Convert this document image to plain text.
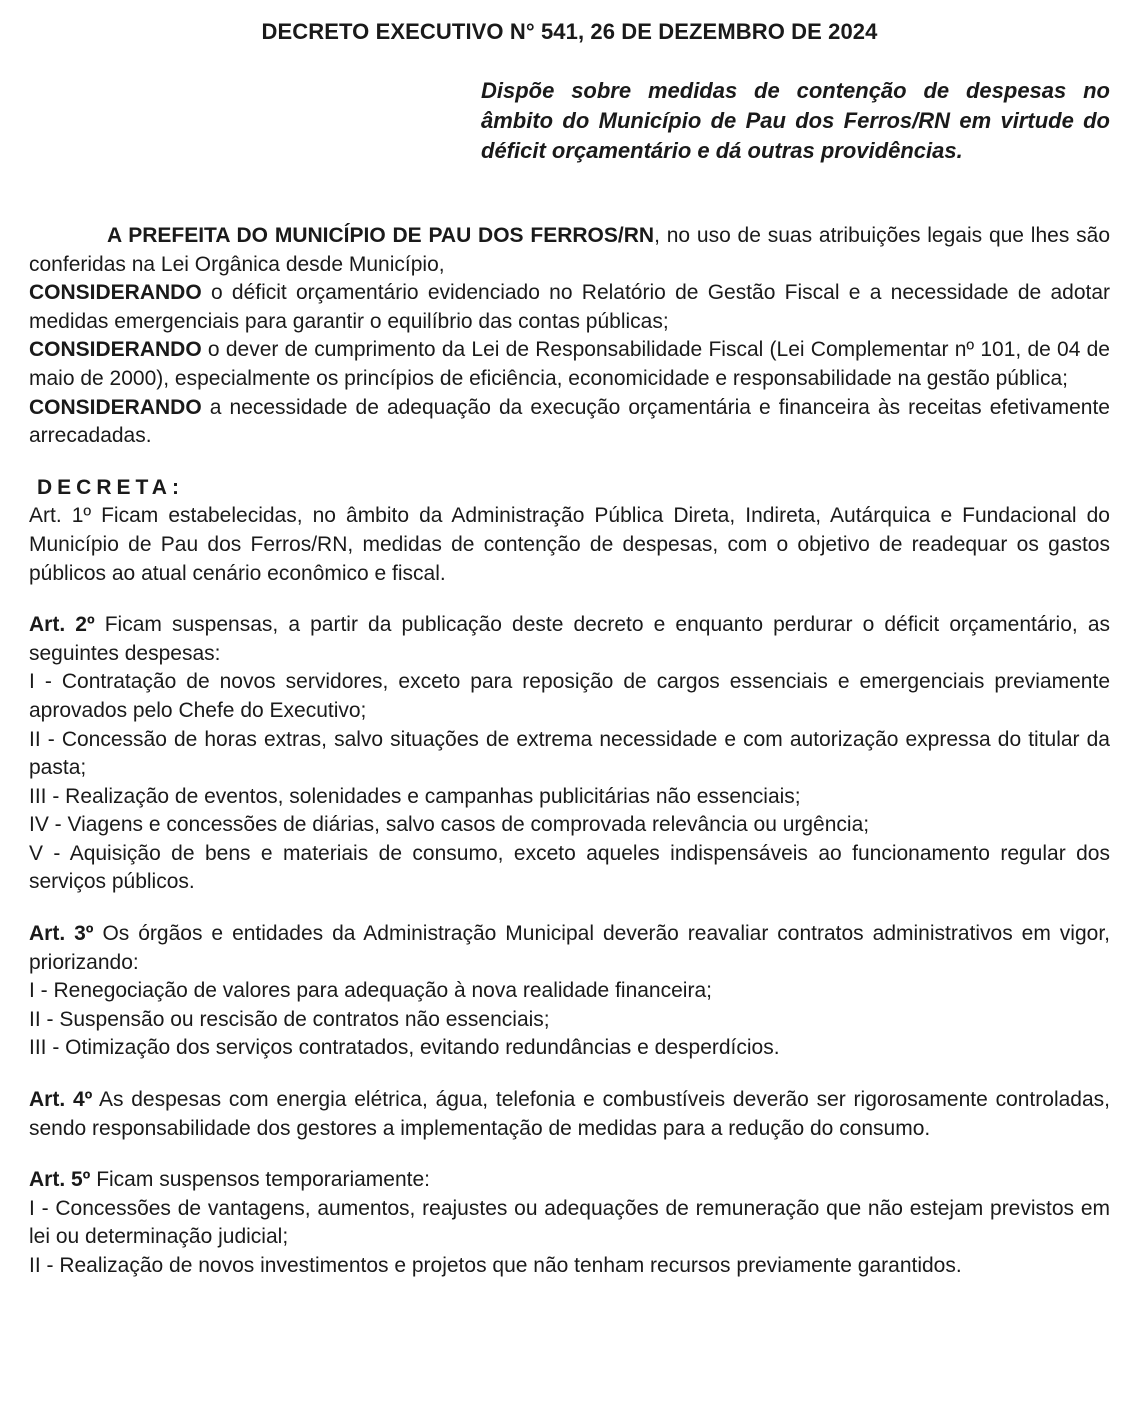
DECRETO EXECUTIVO N° 541, 26 DE DEZEMBRO DE 2024
Dispõe sobre medidas de contenção de despesas no âmbito do Município de Pau dos Ferros/RN em virtude do déficit orçamentário e dá outras providências.

A PREFEITA DO MUNICÍPIO DE PAU DOS FERROS/RN, no uso de suas atribuições legais que lhes são conferidas na Lei Orgânica desde Município,

CONSIDERANDO o déficit orçamentário evidenciado no Relatório de Gestão Fiscal e a necessidade de adotar medidas emergenciais para garantir o equilíbrio das contas públicas;

CONSIDERANDO o dever de cumprimento da Lei de Responsabilidade Fiscal (Lei Complementar nº 101, de 04 de maio de 2000), especialmente os princípios de eficiência, economicidade e responsabilidade na gestão pública;

CONSIDERANDO a necessidade de adequação da execução orçamentária e financeira às receitas efetivamente arrecadadas.

DECRETA:

Art. 1º Ficam estabelecidas, no âmbito da Administração Pública Direta, Indireta, Autárquica e Fundacional do Município de Pau dos Ferros/RN, medidas de contenção de despesas, com o objetivo de readequar os gastos públicos ao atual cenário econômico e fiscal.

Art. 2º Ficam suspensas, a partir da publicação deste decreto e enquanto perdurar o déficit orçamentário, as seguintes despesas:

I - Contratação de novos servidores, exceto para reposição de cargos essenciais e emergenciais previamente aprovados pelo Chefe do Executivo;

II - Concessão de horas extras, salvo situações de extrema necessidade e com autorização expressa do titular da pasta;

III - Realização de eventos, solenidades e campanhas publicitárias não essenciais;

IV - Viagens e concessões de diárias, salvo casos de comprovada relevância ou urgência;

V - Aquisição de bens e materiais de consumo, exceto aqueles indispensáveis ao funcionamento regular dos serviços públicos.

Art. 3º Os órgãos e entidades da Administração Municipal deverão reavaliar contratos administrativos em vigor, priorizando:

I - Renegociação de valores para adequação à nova realidade financeira;

II - Suspensão ou rescisão de contratos não essenciais;

III - Otimização dos serviços contratados, evitando redundâncias e desperdícios.

Art. 4º As despesas com energia elétrica, água, telefonia e combustíveis deverão ser rigorosamente controladas, sendo responsabilidade dos gestores a implementação de medidas para a redução do consumo.

Art. 5º Ficam suspensos temporariamente:

I - Concessões de vantagens, aumentos, reajustes ou adequações de remuneração que não estejam previstos em lei ou determinação judicial;

II - Realização de novos investimentos e projetos que não tenham recursos previamente garantidos.
